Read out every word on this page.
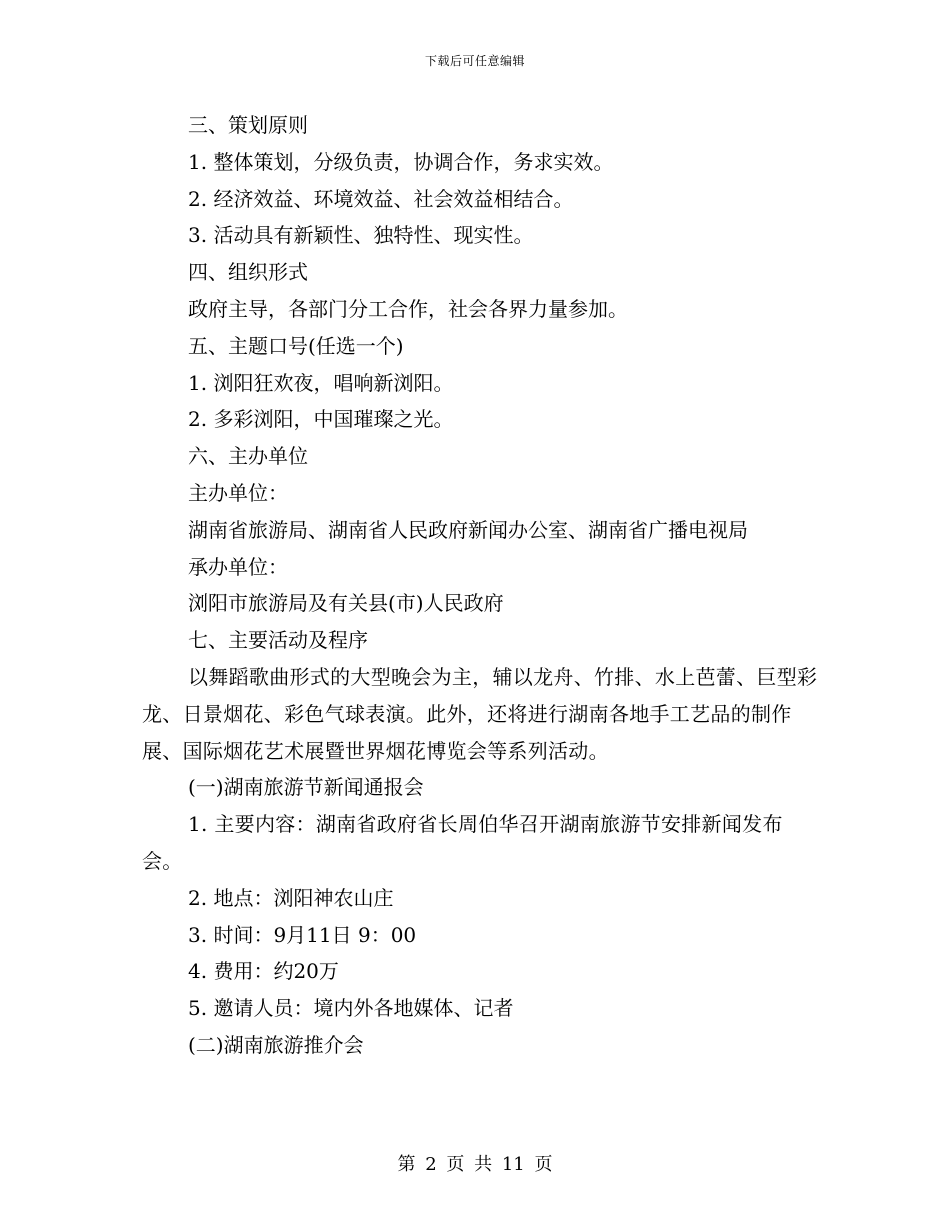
下载后可任意编辑

三、策划原则

1. 整体策划，分级负责，协调合作，务求实效。

2. 经济效益、环境效益、社会效益相结合。

3. 活动具有新颖性、独特性、现实性。

四、组织形式

政府主导，各部门分工合作，社会各界力量参加。

五、主题口号(任选一个)

1. 浏阳狂欢夜，唱响新浏阳。

2. 多彩浏阳，中国璀璨之光。

六、主办单位

主办单位：

湖南省旅游局、湖南省人民政府新闻办公室、湖南省广播电视局

承办单位：

浏阳市旅游局及有关县(市)人民政府

七、主要活动及程序

以舞蹈歌曲形式的大型晚会为主，辅以龙舟、竹排、水上芭蕾、巨型彩龙、日景烟花、彩色气球表演。此外，还将进行湖南各地手工艺品的制作展、国际烟花艺术展暨世界烟花博览会等系列活动。

(一)湖南旅游节新闻通报会

1. 主要内容：湖南省政府省长周伯华召开湖南旅游节安排新闻发布会。

2. 地点：浏阳神农山庄

3. 时间：9月11日 9：00

4. 费用：约20万

5. 邀请人员：境内外各地媒体、记者

(二)湖南旅游推介会

第 2 页 共 11 页
